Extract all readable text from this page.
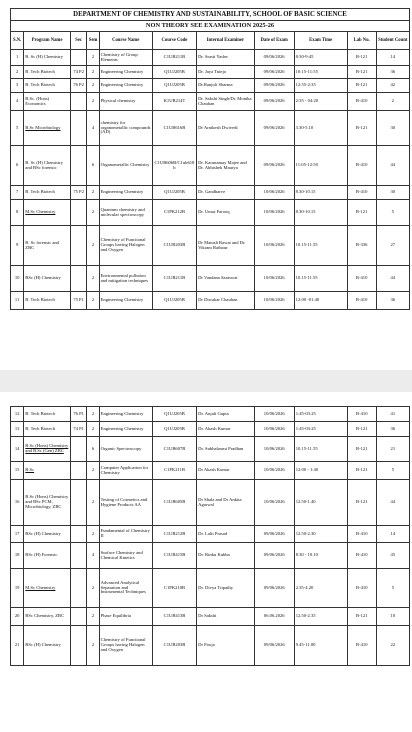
DEPARTMENT OF CHEMISTRY AND SUSTAINABILITY, SCHOOL OF BASIC SCIENCE										
NON THEORY SEE EXAMINATION 2025-26										
S.N.	Program Name	Sec	Sem	Course Name	Course Code	Internal Examiner	Date of Exam	Exam Time	Lab No.	Student Count
1	B. Sc (H) Chemistry		2	Chemistry of Group Elements	C1UB211B	Dr. Srasti Yadav	09/06/2026	8:30-9:45	B-121	14
2	B. Tech Biotech	74 P2	2	Engineering Chemistry	Q1UJ205B	Dr. Jaya Tuteja	09/06/2026	10:15-11:55	B-121	36
3	B. Tech Biotech	76 P2	2	Engineering Chemistry	Q1UJ205B	Dr.Ranjoli Sharma	09/06/2026	12:55-2:35	B-121	42
4	B.Sc. (Hons) Economics		2	Physical chemistry	K1UB214T	Dr. Sakshi Singh/Dr. Monika Chauhan	09/06/2026	2:35 - 04:20	B-410	2
5	B.Sc Microbiology		4	chemistry for organometallic compounds (AD)	C1UB616B	Dr Arnikesh Dwivedi	09/06/2026	3.30-5.10	B-121	30
6	B. Sc (H) Chemistry and BSc forensic		6	Organometallic Chemistry	C1UB606B/C1ub618b	Dr. Karunamay Majee and Dr. Abhishek Maurya	09/06/2026	11:05-12:50	B-410	44
7	B. Tech Biotech	75 P2	2	Engineering Chemistry	Q1UJ205B	Dr. Gandharve	10/06/2026	8.30-10.15	B-410	30
8	M.Sc Chemistry		2	Quantum chemistry and molecular spectroscopy	C1PK212B	Dr. Umar Farooq	10/06/2026	8.30-10.15	B-121	5
9	B. Sc forensic and ZBC		2	Chemistry of Functional Groups having Halogen and Oxygen	C1UB203B	Dr Manish Rawat and Dr. Vikram Rathour	10/06/2026	10.15-11.55	B-336	27
10	BSc (H) Chemistry		2	Environmental pollution and mitigation techniques	C1UB211B	Dr Vandana Saraswat	10/06/2026	10.15-11.55	B-410	44
11	B. Tech Biotech	75 P1	2	Engineering Chemistry	Q1UJ205B	Dr Diwakar Chauhan	10/06/2026	12:00 -01:40	B-410	36
12	B. Tech Biotech	76 P1	2	Engineering Chemistry	Q1UJ205B	Dr. Anjali Gupta	10/06/2026	1:45-03:25	B-410	41
13	B. Tech Biotech	74 P1	2	Engineering Chemistry	Q1UJ205B	Dr. Akash Kumar	10/06/2026	1:45-03:25	B-121	36
14	B.Sc (Hons) Chemistry and B.Sc (Gen) ZBC		6	Organic Spectroscopy	C1UB607B	Dr. Subhalaxmi Pradhan	10/06/2026	10.15-11.55	B-121	21
15	B.Sc		2	Computer Application for Chemistry	C1PK211B	Dr Akash Kumar	10/06/2026	12:00 - 1:40	B-121	5
16	B.Sc (Hons) Chemistry and BSc PCM, Microbiology, ZBC		2	Testing of Cosmetics and Hygiene Products AA	C1UB605B	Dr Shala and Dr Ankita Agarwal	10/06/2026	12.50-1.40	B-121	44
17	BSc (H) Chemistry		2	Fundamental of Chemistry II	C1UB212B	Dr. Lalit Prasad	09/06/2026	12.50-2.30	B-410	14
18	BSc (H) Forensic		4	Surface Chemistry and Chemical Kinetics	C1UB415B	Dr. Rinku Kubba	09/06/2026	8.30 - 10.10	B-410	45
19	M.Sc Chemistry		2	Advanced Analytical Separation and Instrumental Techniques	C1PK210B	Dr. Divya Tripathy	09/06/2026	2.35-4.20	B-410	5
20	BSc Chemistry, ZBC		2	Phase Equilibria	C1UB413B	Dr Sakshi	06.06.2026	12.50-2.35	B-121	10
21	BSc (H) Chemistry		2	Chemistry of Functional Groups having Halogen and Oxygen	C1UB203B	Dr Pooja	09/06/2026	9.45-11.00	B-410	22
